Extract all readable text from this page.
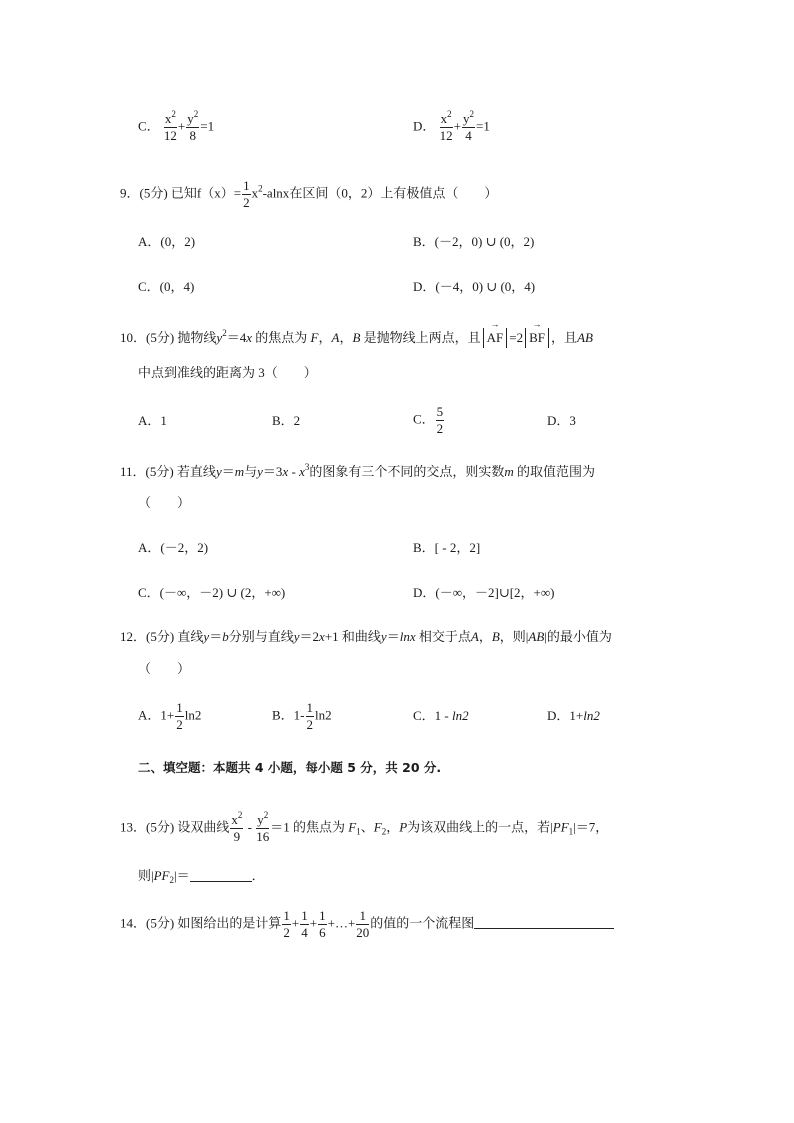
C． $\frac{x^2}{12} + \frac{y^2}{8} =1$	D． $\frac{x^2}{12} + \frac{y^2}{4} =1$
9．(5分) 已知$f(x)= \frac{1}{2} x^2-alnx$在区间（0，2）上有极值点（　　）
A．(0，2)	B．(－2，0) ∪ (0，2)
C．(0，4)	D．(－4，0) ∪ (0，4)
10．(5分) 抛物线$y^2=4x$ 的焦点为 F，A，B 是抛物线上两点，且
→
AF =2
→
BF ，且AB
中点到准线的距离为 3（　　）
A．1	B．2	C． $\frac{5}{2}$	D．3
11．(5分) 若直线y＝m与$y=3x - x^3$的图象有三个不同的交点，则实数m 的取值范围为
（　　）
A．(－2，2)	B．[ - 2，2]
C．(－∞，－2) ∪ (2，+∞)	D．(－∞，－2]∪[2，+∞)
12．(5分) 直线y＝b分别与直线y＝2x+1 和曲线y＝lnx 相交于点A，B，则|AB|的最小值为
（　　）
A．$1+ \frac{1}{2} \ln 2$	B．$1- \frac{1}{2} \ln 2$	C．1 - ln2	D．1+ln2
二、填空题：本题共 4 小题，每小题 5 分，共 20 分.
13．(5分) 设双曲线 $\frac{x^2}{9} - \frac{y^2}{16} =1$ 的焦点为 $F_1$、$F_2$，P为该双曲线上的一点，若$|PF_1|=7$，
则$|PF_2|=$	．
14．(5分) 如图给出的是计算 $\frac{1}{2} + \frac{1}{4} + \frac{1}{6}$ +…+ $\frac{1}{20}$ 的值的一个流程图
